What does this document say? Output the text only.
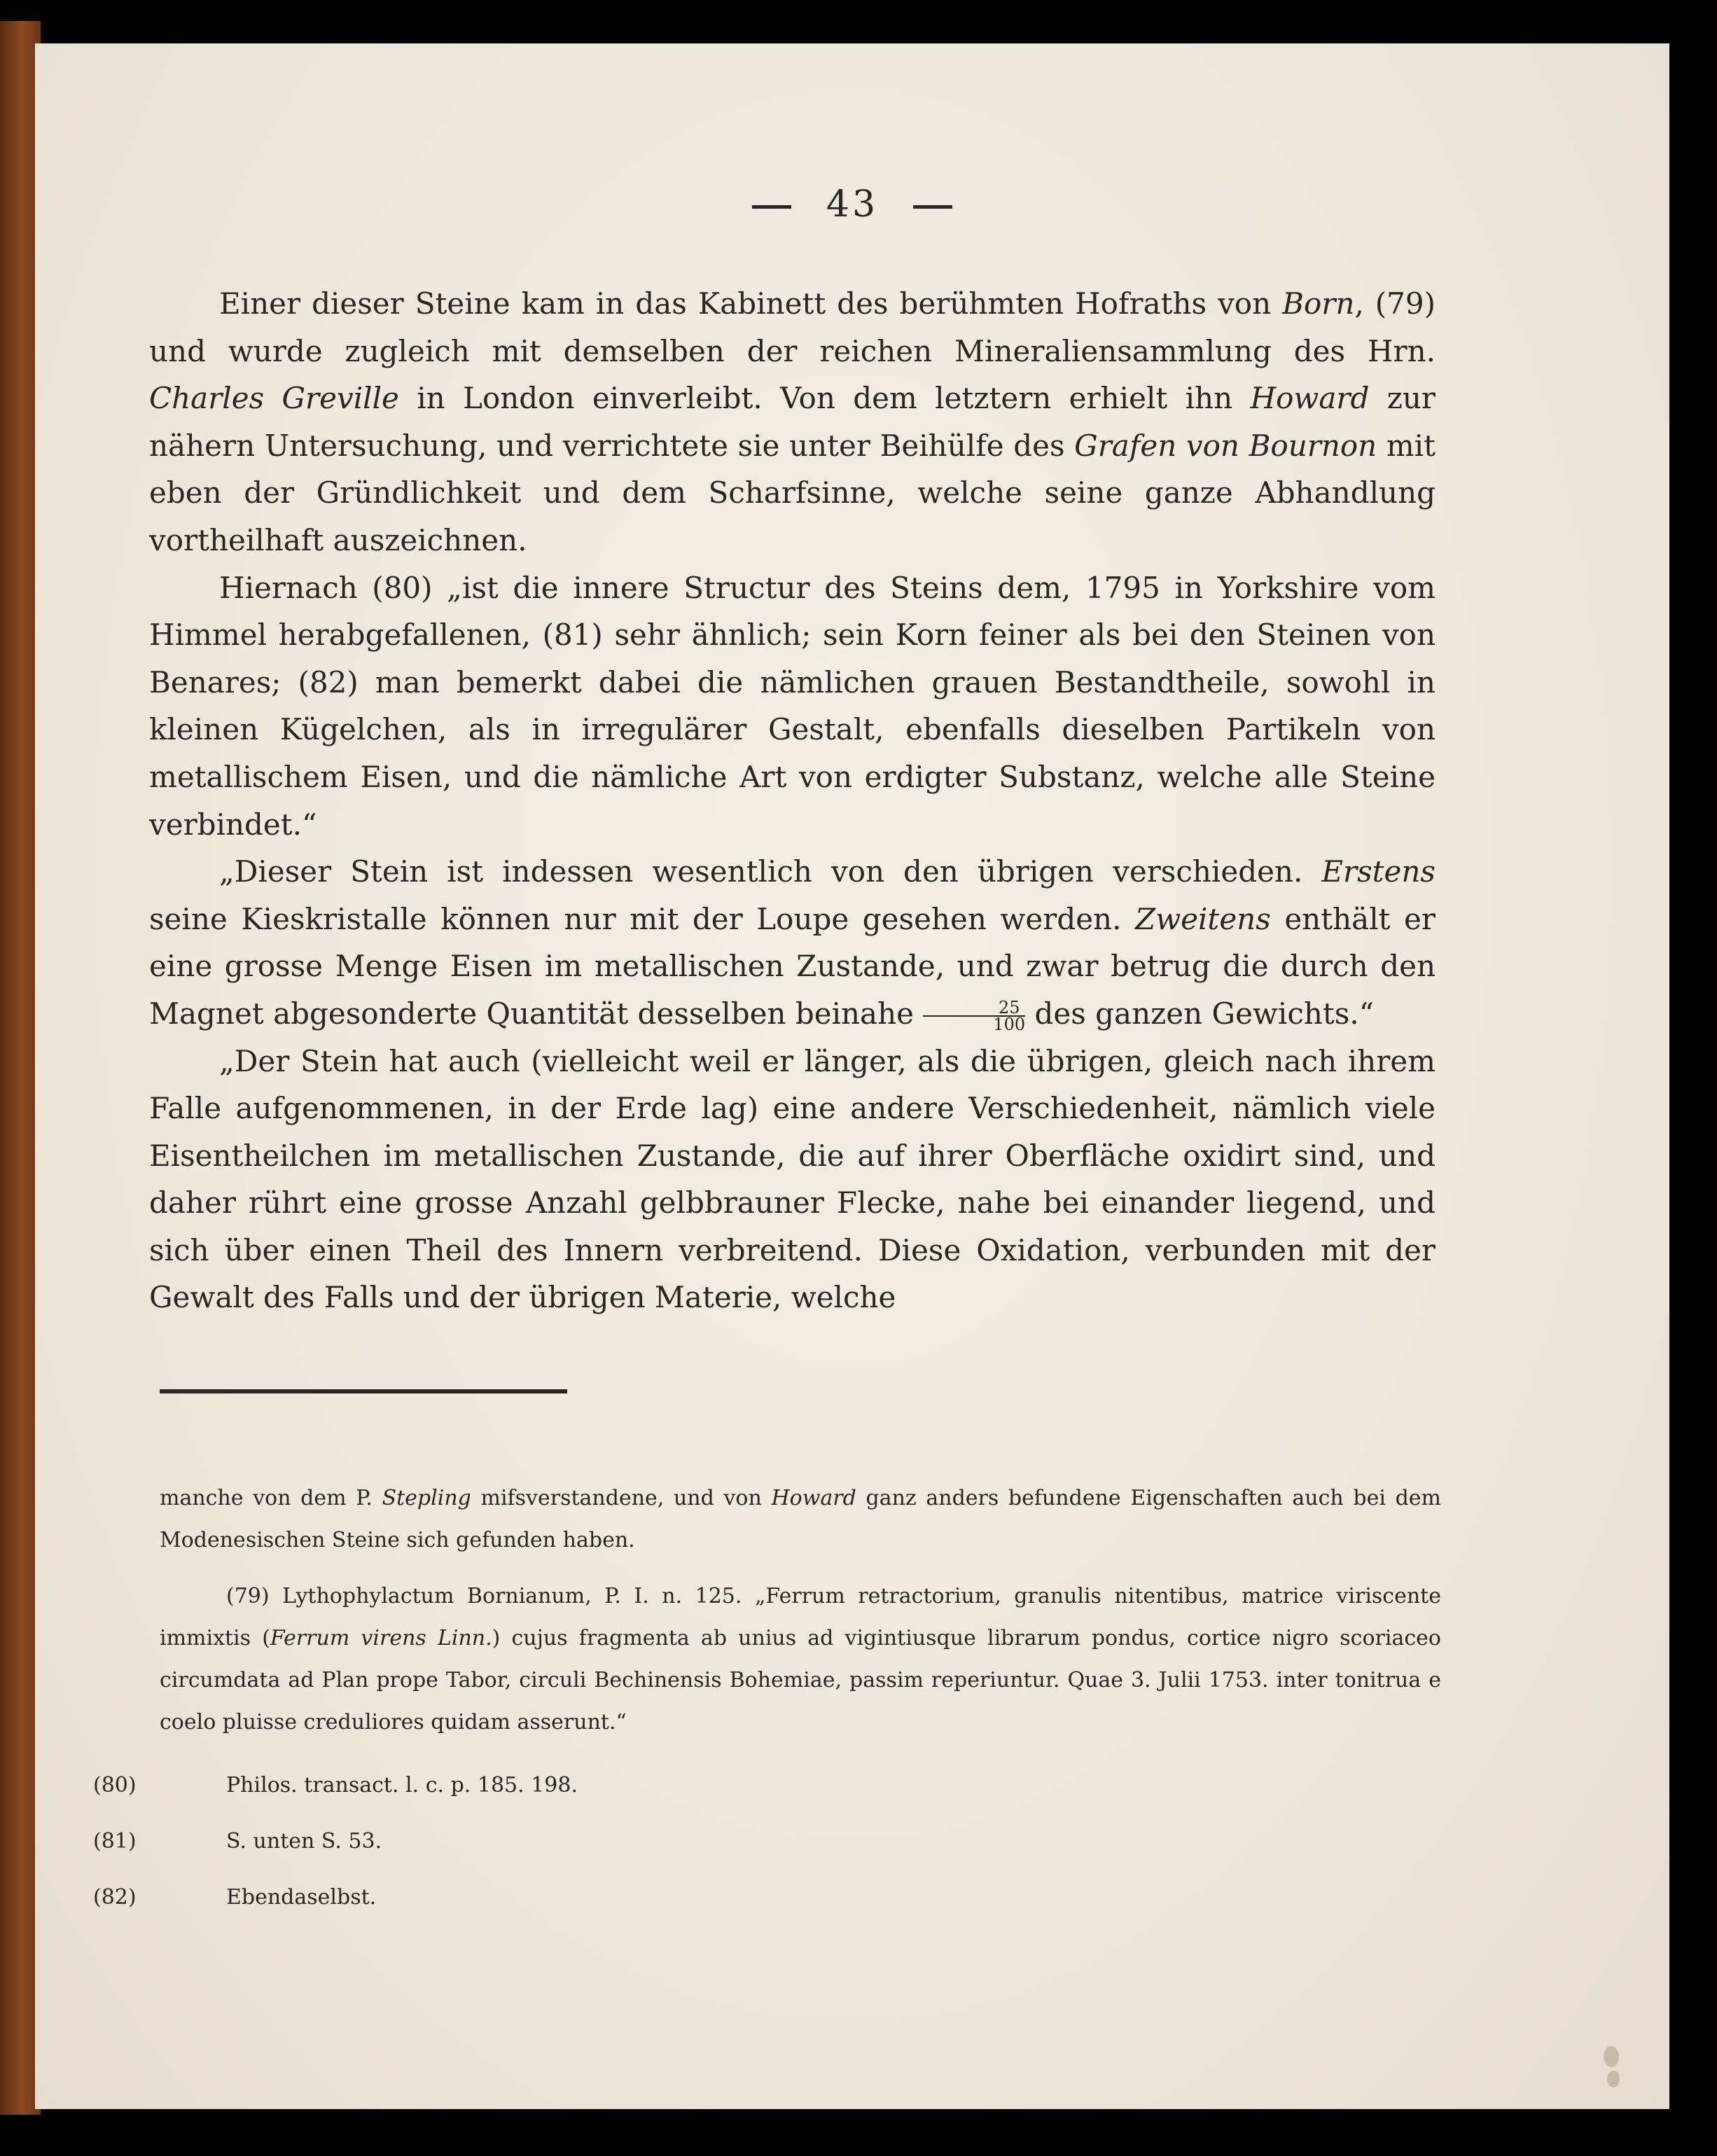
43

Einer dieser Steine kam in das Kabinett des berühmten Hofraths von Born, (79) und wurde zugleich mit demselben der reichen Mineraliensammlung des Hrn. Charles Greville in London einverleibt. Von dem letztern erhielt ihn Howard zur nähern Untersuchung, und verrichtete sie unter Beihülfe des Grafen von Bournon mit eben der Gründlichkeit und dem Scharfsinne, welche seine ganze Abhandlung vortheilhaft auszeichnen.

Hiernach (80) „ist die innere Structur des Steins dem, 1795 in Yorkshire vom Himmel herabgefallenen, (81) sehr ähnlich; sein Korn feiner als bei den Steinen von Benares; (82) man bemerkt dabei die nämlichen grauen Bestandtheile, sowohl in kleinen Kügelchen, als in irregulärer Gestalt, ebenfalls dieselben Partikeln von metallischem Eisen, und die nämliche Art von erdigter Substanz, welche alle Steine verbindet.“

„Dieser Stein ist indessen wesentlich von den übrigen verschieden. Erstens seine Kieskristalle können nur mit der Loupe gesehen werden. Zweitens enthält er eine grosse Menge Eisen im metallischen Zustande, und zwar betrug die durch den Magnet abgesonderte Quantität desselben beinahe $\frac{25}{100}$ des ganzen Gewichts.“

„Der Stein hat auch (vielleicht weil er länger, als die übrigen, gleich nach ihrem Falle aufgenommenen, in der Erde lag) eine andere Verschiedenheit, nämlich viele Eisentheilchen im metallischen Zustande, die auf ihrer Oberfläche oxidirt sind, und daher rührt eine grosse Anzahl gelbbrauner Flecke, nahe bei einander liegend, und sich über einen Theil des Innern verbreitend. Diese Oxidation, verbunden mit der Gewalt des Falls und der übrigen Materie, welche

manche von dem P. Stepling mifsverstandene, und von Howard ganz anders befundene Eigenschaften auch bei dem Modenesischen Steine sich gefunden haben.

(79) Lythophylactum Bornianum, P. I. n. 125. „Ferrum retractorium, granulis nitentibus, matrice viriscente immixtis (Ferrum virens Linn.) cujus fragmenta ab unius ad vigintiusque librarum pondus, cortice nigro scoriaceo circumdata ad Plan prope Tabor, circuli Bechinensis Bohemiae, passim reperiuntur. Quae 3. Julii 1753. inter tonitrua e coelo pluisse creduliores quidam asserunt.“

(80)	Philos. transact. l. c. p. 185. 198.

(81)	S. unten S. 53.

(82)	Ebendaselbst.
